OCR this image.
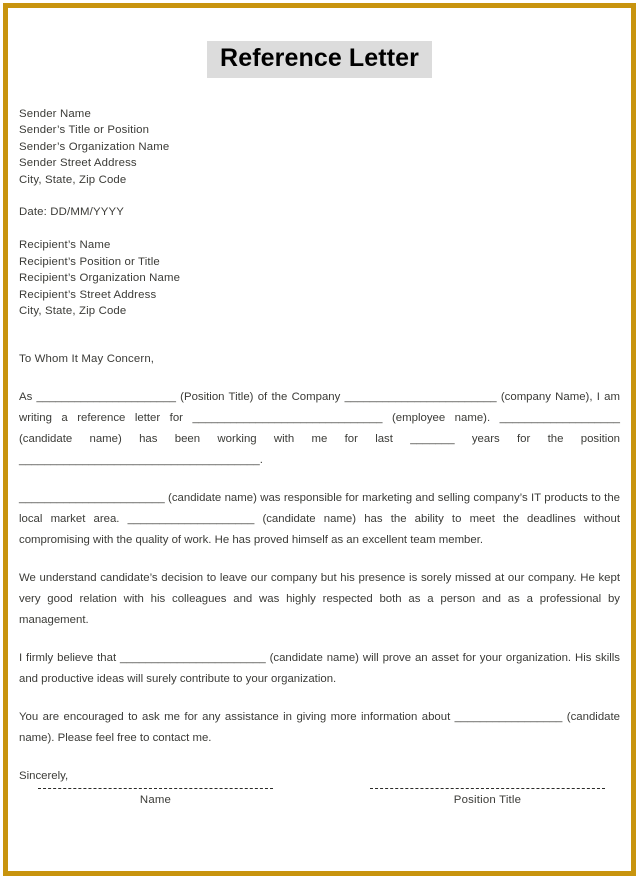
Reference Letter
Sender Name
Sender’s Title or Position
Sender’s Organization Name
Sender Street Address
City, State, Zip Code
Date: DD/MM/YYYY
Recipient’s Name
Recipient’s Position or Title
Recipient’s Organization Name
Recipient’s Street Address
City, State, Zip Code
To Whom It May Concern,
As ______________________ (Position Title) of the Company ________________________ (company Name), I am writing a reference letter for ______________________________ (employee name). ___________________ (candidate name) has been working with me for last _______ years for the position ______________________________________.
_______________________ (candidate name) was responsible for marketing and selling company’s IT products to the local market area. ____________________ (candidate name) has the ability to meet the deadlines without compromising with the quality of work. He has proved himself as an excellent team member.
We understand candidate’s decision to leave our company but his presence is sorely missed at our company. He kept very good relation with his colleagues and was highly respected both as a person and as a professional by management.
I firmly believe that _______________________ (candidate name) will prove an asset for your organization. His skills and productive ideas will surely contribute to your organization.
You are encouraged to ask me for any assistance in giving more information about _________________ (candidate name). Please feel free to contact me.
Sincerely,
Name	Position Title
